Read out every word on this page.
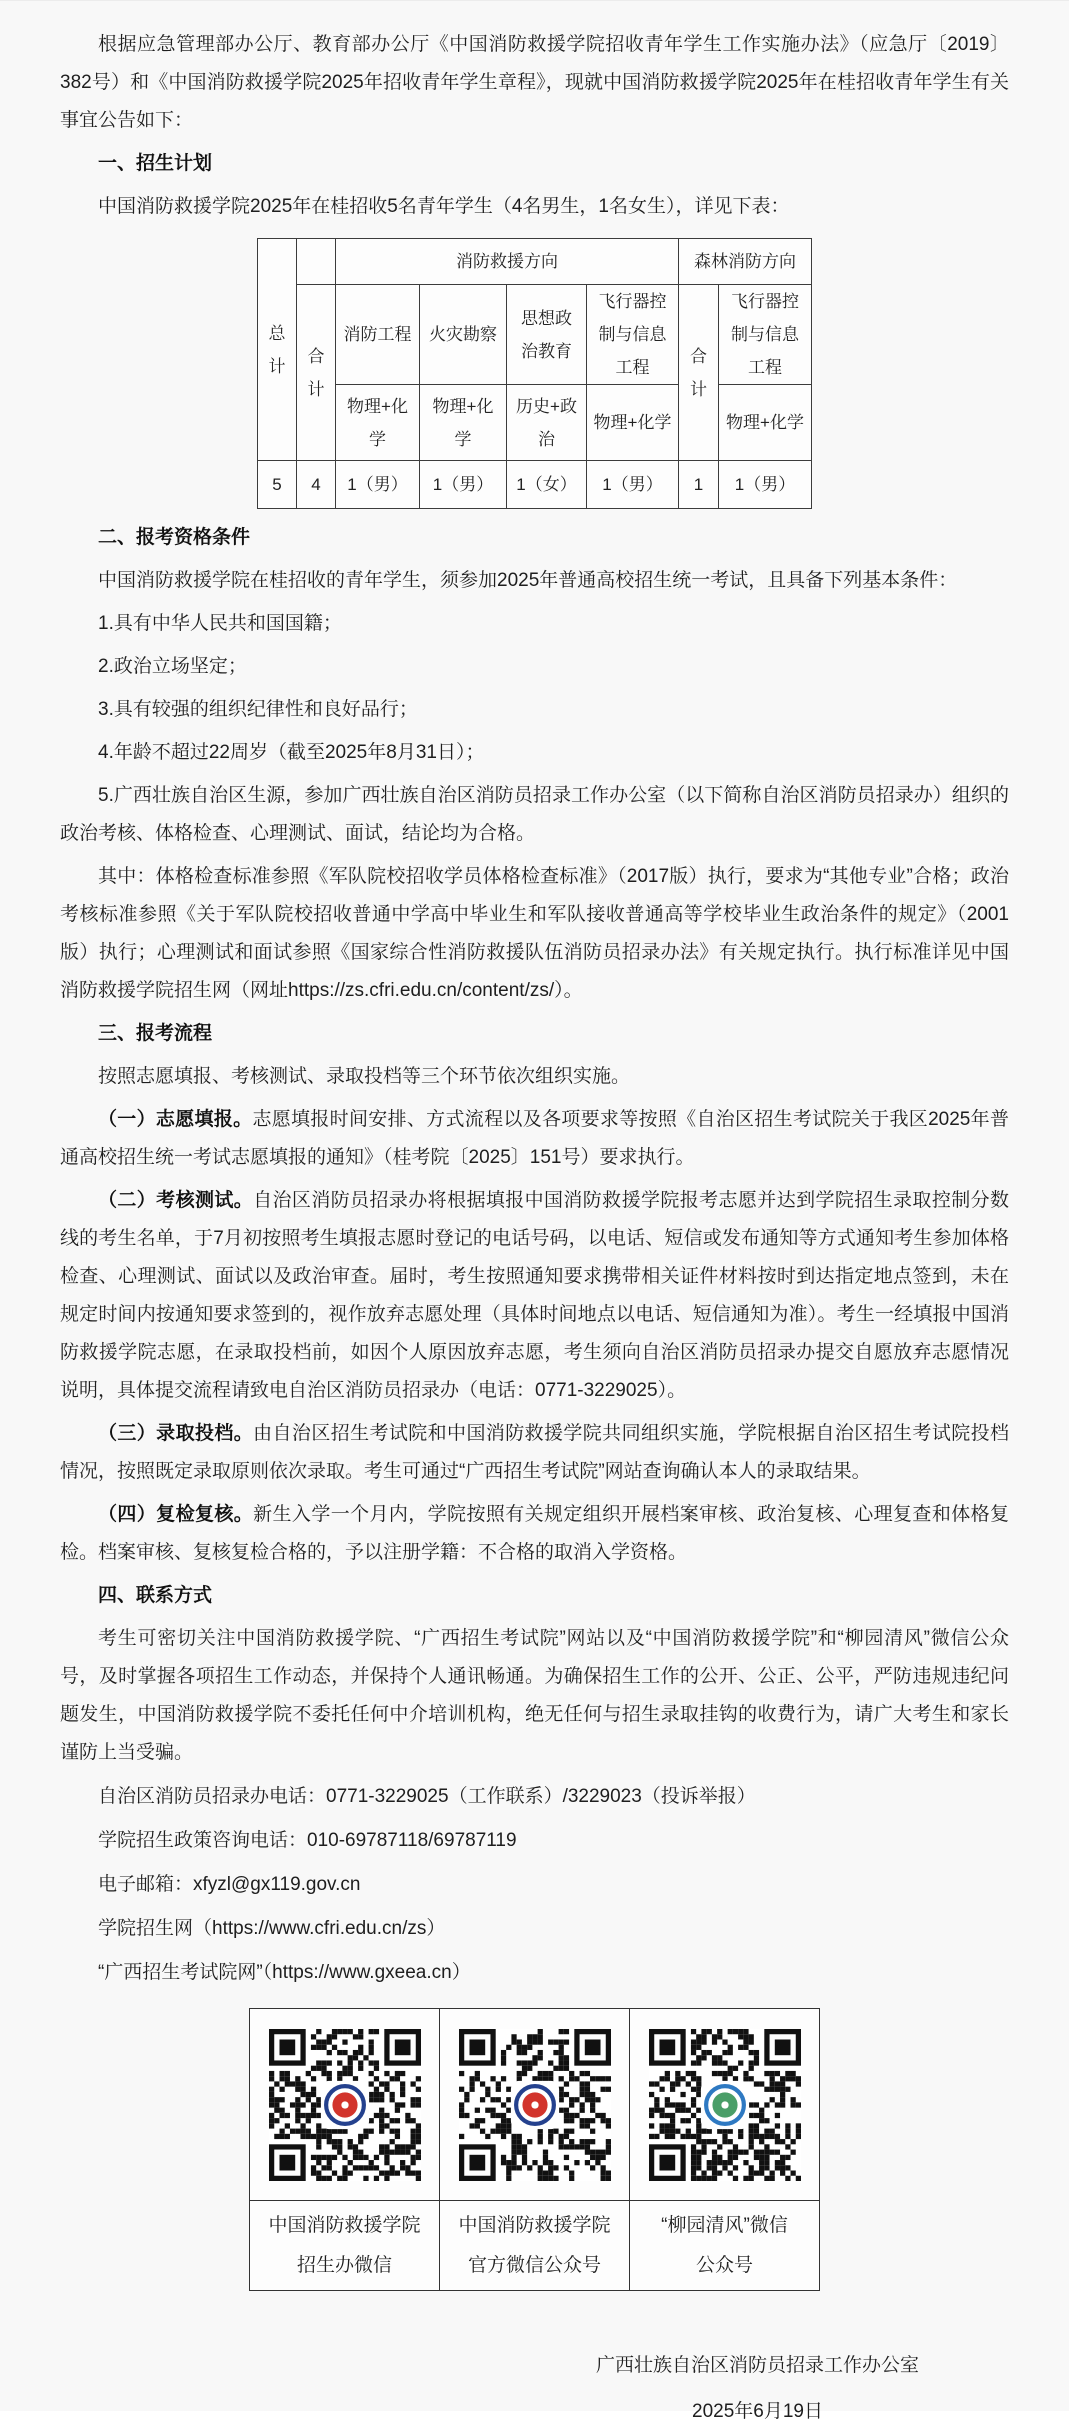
根据应急管理部办公厅、教育部办公厅《中国消防救援学院招收青年学生工作实施办法》（应急厅〔2019〕382号）和《中国消防救援学院2025年招收青年学生章程》，现就中国消防救援学院2025年在桂招收青年学生有关事宜公告如下：

一、招生计划

中国消防救援学院2025年在桂招收5名青年学生（4名男生，1名女生），详见下表：

总计		消防救援方向				森林消防方向	
	合计	消防工程	火灾勘察	思想政治教育	飞行器控制与信息工程	合计	飞行器控制与信息工程
		物理+化学	物理+化学	历史+政治	物理+化学		物理+化学
5	4	1（男）	1（男）	1（女）	1（男）	1	1（男）

二、报考资格条件

中国消防救援学院在桂招收的青年学生，须参加2025年普通高校招生统一考试，且具备下列基本条件：

1.具有中华人民共和国国籍；

2.政治立场坚定；

3.具有较强的组织纪律性和良好品行；

4.年龄不超过22周岁（截至2025年8月31日）；

5.广西壮族自治区生源，参加广西壮族自治区消防员招录工作办公室（以下简称自治区消防员招录办）组织的政治考核、体格检查、心理测试、面试，结论均为合格。

其中：体格检查标准参照《军队院校招收学员体格检查标准》（2017版）执行，要求为“其他专业”合格；政治考核标准参照《关于军队院校招收普通中学高中毕业生和军队接收普通高等学校毕业生政治条件的规定》（2001版）执行；心理测试和面试参照《国家综合性消防救援队伍消防员招录办法》有关规定执行。执行标准详见中国消防救援学院招生网（网址https://zs.cfri.edu.cn/content/zs/）。

三、报考流程

按照志愿填报、考核测试、录取投档等三个环节依次组织实施。

（一）志愿填报。志愿填报时间安排、方式流程以及各项要求等按照《自治区招生考试院关于我区2025年普通高校招生统一考试志愿填报的通知》（桂考院〔2025〕151号）要求执行。

（二）考核测试。自治区消防员招录办将根据填报中国消防救援学院报考志愿并达到学院招生录取控制分数线的考生名单，于7月初按照考生填报志愿时登记的电话号码，以电话、短信或发布通知等方式通知考生参加体格检查、心理测试、面试以及政治审查。届时，考生按照通知要求携带相关证件材料按时到达指定地点签到，未在规定时间内按通知要求签到的，视作放弃志愿处理（具体时间地点以电话、短信通知为准）。考生一经填报中国消防救援学院志愿，在录取投档前，如因个人原因放弃志愿，考生须向自治区消防员招录办提交自愿放弃志愿情况说明，具体提交流程请致电自治区消防员招录办（电话：0771-3229025）。

（三）录取投档。由自治区招生考试院和中国消防救援学院共同组织实施，学院根据自治区招生考试院投档情况，按照既定录取原则依次录取。考生可通过“广西招生考试院”网站查询确认本人的录取结果。

（四）复检复核。新生入学一个月内，学院按照有关规定组织开展档案审核、政治复核、心理复查和体格复检。档案审核、复核复检合格的，予以注册学籍：不合格的取消入学资格。

四、联系方式

考生可密切关注中国消防救援学院、“广西招生考试院”网站以及“中国消防救援学院”和“柳园清风”微信公众号，及时掌握各项招生工作动态，并保持个人通讯畅通。为确保招生工作的公开、公正、公平，严防违规违纪问题发生，中国消防救援学院不委托任何中介培训机构，绝无任何与招生录取挂钩的收费行为，请广大考生和家长谨防上当受骗。

自治区消防员招录办电话：0771-3229025（工作联系）/3229023（投诉举报）

学院招生政策咨询电话：010-69787118/69787119

电子邮箱：xfyzl@gx119.gov.cn

学院招生网（https://www.cfri.edu.cn/zs）

“广西招生考试院网”（https://www.gxeea.cn）

中国消防救援学院
招生办微信

中国消防救援学院
官方微信公众号

“柳园清风”微信
公众号
广西壮族自治区消防员招录工作办公室
2025年6月19日
